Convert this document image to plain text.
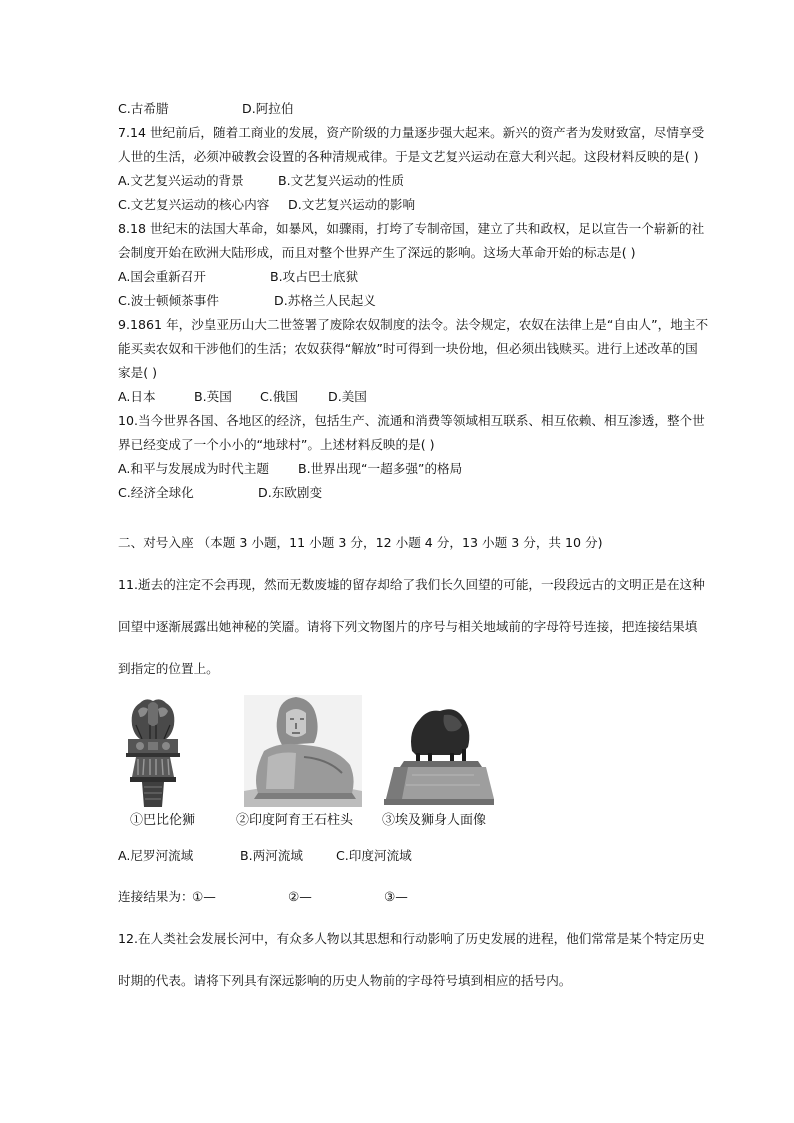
C.古希腊	D.阿拉伯
7.14 世纪前后，随着工商业的发展，资产阶级的力量逐步强大起来。新兴的资产者为发财致富，尽情享受
人世的生活，必须冲破教会设置的各种清规戒律。于是文艺复兴运动在意大利兴起。这段材料反映的是( )
A.文艺复兴运动的背景	B.文艺复兴运动的性质
C.文艺复兴运动的核心内容 D.文艺复兴运动的影响
8.18 世纪末的法国大革命，如暴风，如骤雨，打垮了专制帝国，建立了共和政权，足以宣告一个崭新的社
会制度开始在欧洲大陆形成，而且对整个世界产生了深远的影响。这场大革命开始的标志是( )
A.国会重新召开	B.攻占巴士底狱
C.波士顿倾茶事件	D.苏格兰人民起义
9.1861 年，沙皇亚历山大二世签署了废除农奴制度的法令。法令规定，农奴在法律上是“自由人”，地主不
能买卖农奴和干涉他们的生活；农奴获得“解放”时可得到一块份地，但必须出钱赎买。进行上述改革的国
家是( )
A.日本	B.英国 C.俄国 D.美国
10.当今世界各国、各地区的经济，包括生产、流通和消费等领域相互联系、相互依赖、相互渗透，整个世
界已经变成了一个小小的“地球村”。上述材料反映的是( )
A.和平与发展成为时代主题 B.世界出现“一超多强”的格局
C.经济全球化	D.东欧剧变
二、对号入座 （本题 3 小题，11 小题 3 分，12 小题 4 分，13 小题 3 分，共 10 分)
11.逝去的注定不会再现，然而无数废墟的留存却给了我们长久回望的可能，一段段远古的文明正是在这种
回望中逐渐展露出她神秘的笑靥。请将下列文物图片的序号与相关地域前的字母符号连接，把连接结果填
到指定的位置上。
①巴比伦狮	②印度阿育王石柱头 ③埃及狮身人面像
A.尼罗河流域	B.两河流域	C.印度河流域
连接结果为：
①—	②—	③—
12.在人类社会发展长河中，有众多人物以其思想和行动影响了历史发展的进程，他们常常是某个特定历史
时期的代表。请将下列具有深远影响的历史人物前的字母符号填到相应的括号内。
